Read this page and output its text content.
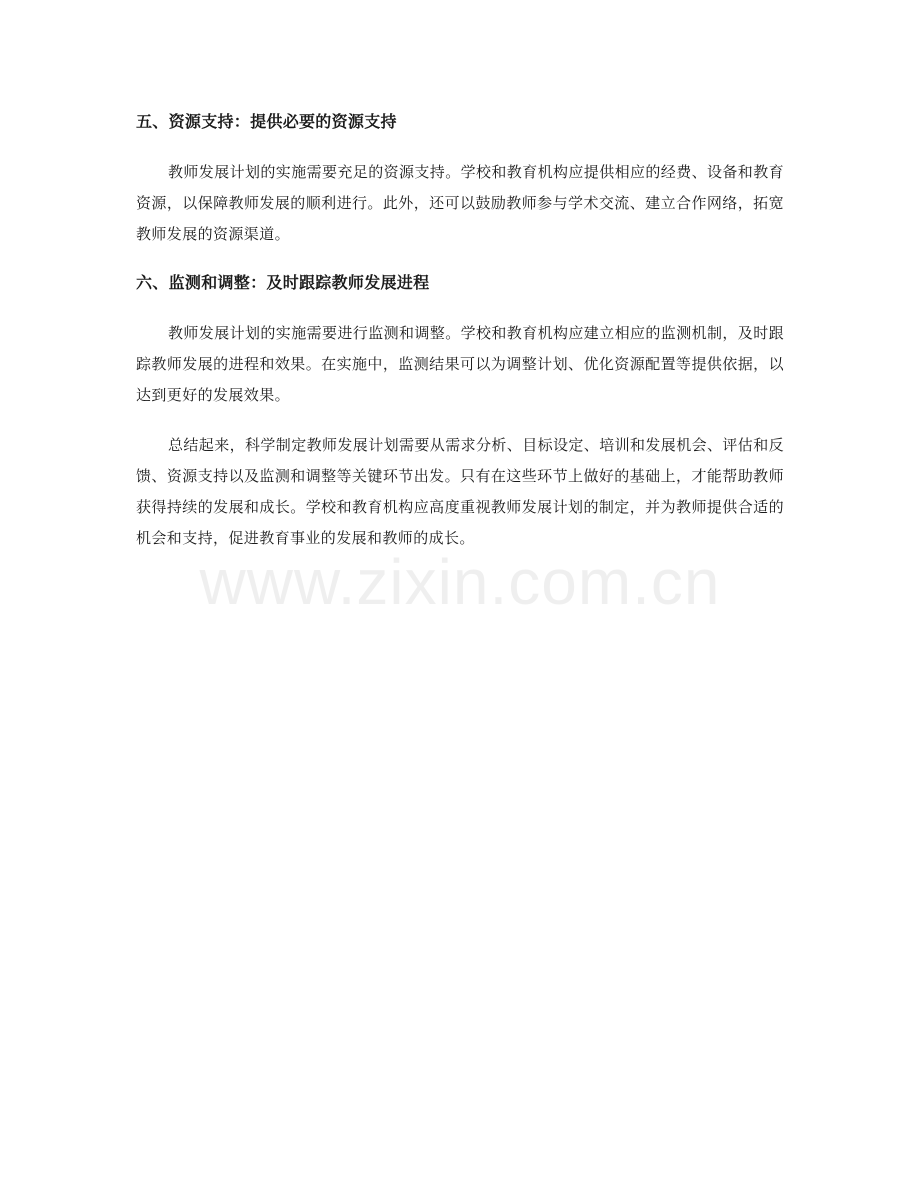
五、资源支持：提供必要的资源支持

教师发展计划的实施需要充足的资源支持。学校和教育机构应提供相应的经费、设备和教育资源，以保障教师发展的顺利进行。此外，还可以鼓励教师参与学术交流、建立合作网络，拓宽教师发展的资源渠道。

六、监测和调整：及时跟踪教师发展进程

教师发展计划的实施需要进行监测和调整。学校和教育机构应建立相应的监测机制，及时跟踪教师发展的进程和效果。在实施中，监测结果可以为调整计划、优化资源配置等提供依据，以达到更好的发展效果。

总结起来，科学制定教师发展计划需要从需求分析、目标设定、培训和发展机会、评估和反馈、资源支持以及监测和调整等关键环节出发。只有在这些环节上做好的基础上，才能帮助教师获得持续的发展和成长。学校和教育机构应高度重视教师发展计划的制定，并为教师提供合适的机会和支持，促进教育事业的发展和教师的成长。

www.zixin.com.cn
